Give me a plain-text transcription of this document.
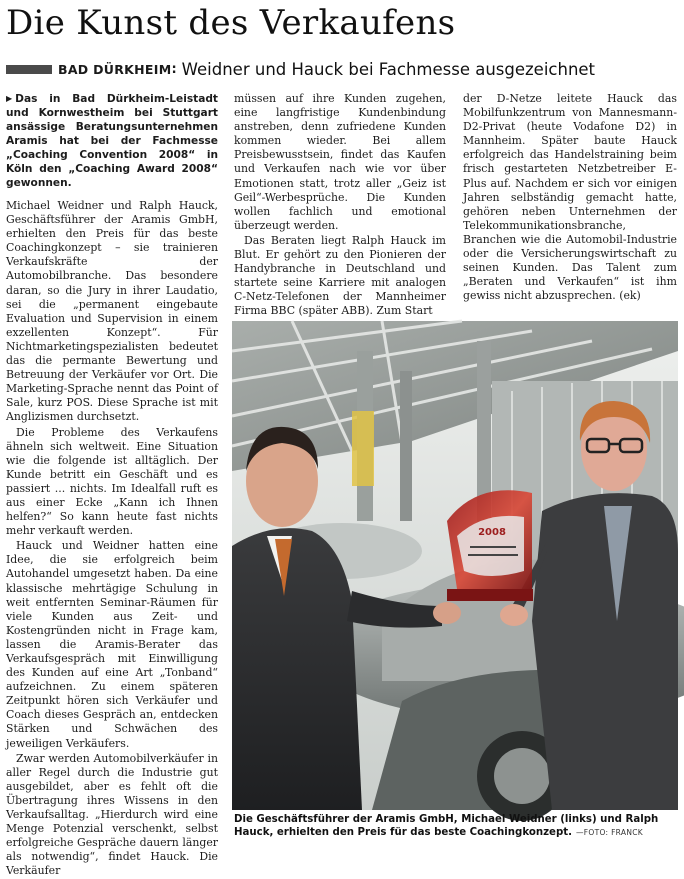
Die Kunst des Verkaufens
BAD DÜRKHEIM : Weidner und Hauck bei Fachmesse ausgezeichnet

▶ Das in Bad Dürkheim-Leistadt und Kornwestheim bei Stuttgart ansässige Beratungsunternehmen Aramis hat bei der Fachmesse „Coaching Convention 2008“ in Köln den „Coaching Award 2008“ gewonnen.

Michael Weidner und Ralph Hauck, Geschäftsführer der Aramis GmbH, erhielten den Preis für das beste Coachingkonzept – sie trainieren Verkaufskräfte der Automobilbranche. Das besondere daran, so die Jury in ihrer Laudatio, sei die „permanent eingebaute Evaluation und Supervision in einem exzellenten Konzept“. Für Nichtmarketingspezialisten bedeutet das die permante Bewertung und Betreuung der Verkäufer vor Ort. Die Marketing-Sprache nennt das Point of Sale, kurz POS. Diese Sprache ist mit Anglizismen durchsetzt.

Die Probleme des Verkaufens ähneln sich weltweit. Eine Situation wie die folgende ist alltäglich. Der Kunde betritt ein Geschäft und es passiert ... nichts. Im Idealfall ruft es aus einer Ecke „Kann ich Ihnen helfen?“ So kann heute fast nichts mehr verkauft werden.

Hauck und Weidner hatten eine Idee, die sie erfolgreich beim Autohandel umgesetzt haben. Da eine klassische mehrtägige Schulung in weit entfernten Seminar-Räumen für viele Kunden aus Zeit- und Kostengründen nicht in Frage kam, lassen die Aramis-Berater das Verkaufsgespräch mit Einwilligung des Kunden auf eine Art „Tonband“ aufzeichnen. Zu einem späteren Zeitpunkt hören sich Verkäufer und Coach dieses Gespräch an, entdecken Stärken und Schwächen des jeweiligen Verkäufers.

Zwar werden Automobilverkäufer in aller Regel durch die Industrie gut ausgebildet, aber es fehlt oft die Übertragung ihres Wissens in den Verkaufsalltag. „Hierdurch wird eine Menge Potenzial verschenkt, selbst erfolgreiche Gespräche dauern länger als notwendig“, findet Hauck. Die Verkäufer

müssen auf ihre Kunden zugehen, eine langfristige Kundenbindung anstreben, denn zufriedene Kunden kommen wieder. Bei allem Preisbewusstsein, findet das Kaufen und Verkaufen nach wie vor über Emotionen statt, trotz aller „Geiz ist Geil“-Werbesprüche. Die Kunden wollen fachlich und emotional überzeugt werden.

Das Beraten liegt Ralph Hauck im Blut. Er gehört zu den Pionieren der Handybranche in Deutschland und startete seine Karriere mit analogen C-Netz-Telefonen der Mannheimer Firma BBC (später ABB). Zum Start

der D-Netze leitete Hauck das Mobilfunkzentrum von Mannesmann-D2-Privat (heute Vodafone D2) in Mannheim. Später baute Hauck erfolgreich das Handelstraining beim frisch gestarteten Netzbetreiber E-Plus auf. Nachdem er sich vor einigen Jahren selbständig gemacht hatte, gehören neben Unternehmen der Telekommunikationsbranche, Branchen wie die Automobil-Industrie oder die Versicherungswirtschaft zu seinen Kunden. Das Talent zum „Beraten und Verkaufen“ ist ihm gewiss nicht abzusprechen. (ek)

2008
Die Geschäftsführer der Aramis GmbH, Michael Weidner (links) und Ralph Hauck, erhielten den Preis für das beste Coachingkonzept. —FOTO: FRANCK
